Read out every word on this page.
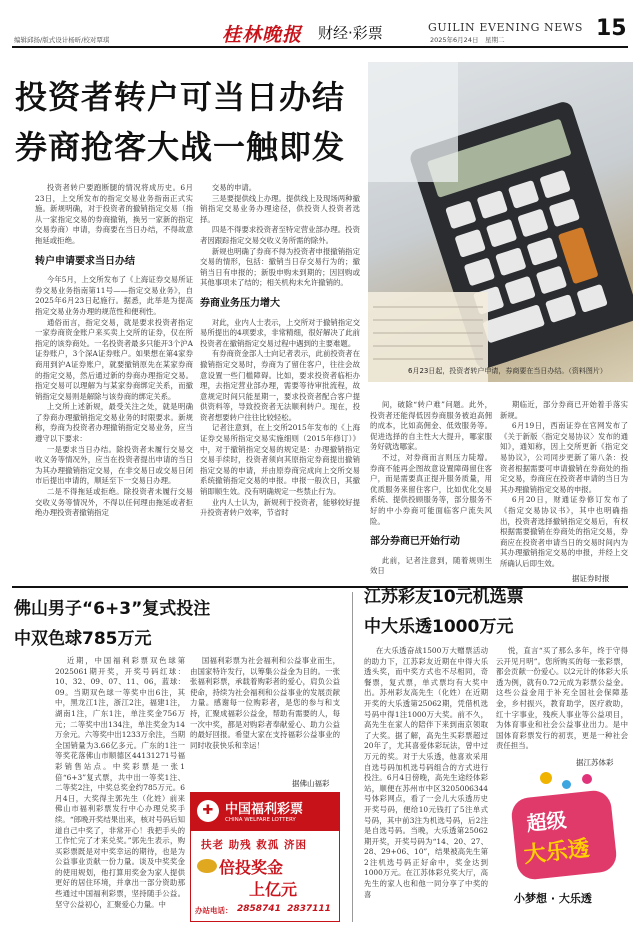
编辑邱扬/版式设计杨昕/校对覃琪	桂林晚报 财经·彩票	GUILIN EVENING NEWS
2025年6月24日　星期二	15
投资者转户可当日办结
券商抢客大战一触即发

投资者转户要跑断腿的情况将成历史。6月23日，上交所发布的指定交易业务指南正式实施。新规明确，对于投资者的撤销指定交易（指从一家指定交易的券商撤销，换另一家新的指定交易券商）申请，券商要在当日办结，不得故意拖延或拒绝。

转户申请要求当日办结

今年5月，上交所发布了《上海证券交易所证券交易业务指南第11号——指定交易业务》，自2025年6月23日起施行。据悉，此举是为提高指定交易业务办理的规范性和便利性。

通俗而言，指定交易，就是要求投资者指定一家券商资金账户来买卖上交所的证券，仅在所指定的该券商处。一名投资者最多只能开3个沪A证券账户，3个深A证券账户。如果想在第4家券商用到沪A证券账户，就要撤销原先在某家券商的指定交易，然后通过新的券商办理指定交易。指定交易可以理解为与某家券商绑定关系，而撤销指定交易则是解除与该券商的绑定关系。

上交所上述新规，最受关注之处，就是明确了券商办理撤销指定交易业务的时限要求。新规称，券商为投资者办理撤销指定交易业务，应当遵守以下要求：

一是要求当日办结。除投资者未履行交易交收义务等情况外，应当在投资者提出申请的当日为其办理撤销指定交易，在非交易日或交易日闭市后提出申请的，顺延至下一交易日办理。

二是不得拖延或拒绝。除投资者未履行交易交收义务等情况外，不得以任何理由拖延或者拒绝办理投资者撤销指定

交易的申请。

三是要提供线上办理。提供线上及现场两种撤销指定交易业务办理途径，供投资人投资者选择。

四是不得要求投资者至特定营业部办理。投资者因跟踪指定交易交收义务所需的除外。

新规也明确了券商不得为投资者申报撤销指定交易的情形，包括：撤销当日存交易行为的；撤销当日有申报的；新股申购未到期的；因回购或其他事项未了结的；相关机构未允许撤销的。

券商业务压力增大

对此，业内人士表示，上交所对于撤销指定交易所提出的4项要求，非常精细，很好解决了此前投资者在撤销指定交易过程中遇到的主要难题。

有券商资金部人士向记者表示，此前投资者在撤销指定交易时，券商为了留住客户，往往会故意设置一些门槛障碍。比如，要求投资者临柜办理，去指定营业部办理，需要等待审批流程，故意规定时间只能星期一，要求投资者配合客户提供资料等，导致投资者无法顺利转户。现在，投资者想要转户往往比较轻松。

记者注意到，在上交所2015年发布的《上海证券交易所指定交易实施细则（2015年修订）》中，对于撤销指定交易的规定是：办理撤销指定交易手续时，投资者须向其原指定券商提出撤销指定交易的申请，并由原券商完成向上交所交易系统撤销指定交易的申报。申报一般次日，其撤销即顺生效。没有明确规定一些禁止行为。

业内人士认为，新规利于投资者，能够较好提升投资者转户效率，节省时

6月23日起，投资者转户申请，券商要在当日办结。（资料图片）

间，破除“转户难”问题。此外，投资者还能得低因券商服务被迫高佣的成本，比如高佣金、低效服务等。促进选择的自主性大大提升，哪家服务好就选哪家。

不过，对券商而言则压力陡增。券商不能再企图故意设置障碍留住客户，而是需要真正提升服务质量，用优质服务来留住客户，比如优化交易系统、提供投顾服务等，部分服务不好的中小券商可能面临客户流失风险。

部分券商已开始行动

此前，记者注意到，随着规则生效日

期临近，部分券商已开始着手落实新规。

6月19日，西南证券在官网发布了《关于新版〈指定交易协议〉发布的通知》，通知称，因上交所更新《指定交易协议》，公司同步更新了第八条：投资者根据需要可申请撤销在券商处的指定交易，券商应在投资者申请的当日为其办理撤销指定交易的申报。

6月20日，财通证券修订发布了《指定交易协议书》，其中也明确指出，投资者选择撤销指定交易后，有权根据需要撤销在券商处的指定交易，券商应在投资者申请当日的交易时间内为其办理撤销指定交易的申报，并经上交所确认后即生效。

据证券时报
佛山男子“6+3”复式投注
中双色球785万元

近期，中国福利彩票双色球第2025061期开奖，开奖号码红球：10、32、09、07、11、06，蓝球：09。当期双色球一等奖中出6注，其中，黑龙江1注，浙江2注，福建1注，湖南1注，广东1注，单注奖金756万元；二等奖中出134注，单注奖金为14万余元。六等奖中出1233万余注，当期全国销量为3.66亿多元。广东的1注一等奖花落佛山市顺德区44131271号福彩销售站点。中奖彩票是一张1倍“6+3”复式票，共中出一等奖1注、二等奖2注，中奖总奖金约785万元。6月4日，大奖得主郭先生（化姓）前来佛山市福利彩票发行中心办理兑奖手续。“郎晚开奖结果出来，核对号码后知道自己中奖了，非常开心！我把手头的工作忙完了才来兑奖。”郭先生表示，购买彩票既是对中奖幸运的期待，也是为公益事业贡献一份力量。谈及中奖奖金的使用规划，他打算用奖金为家人提供更好的居住环境，并拿出一部分资助那些通过中国福利彩票，坚持随手公益。坚守公益初心，汇聚爱心力量。中

国福利彩票为社会福利和公益事业而生，由国家特许发行，以筹集公益金为目的。一张张福利彩票，承载着购彩者的爱心，肩负公益使命，持续为社会福利和公益事业的发展贡献力量。感谢每一位购彩者，是您的参与和支持，汇聚成福彩公益金，帮助有需要的人，每一次中奖，都是对购彩者奉献爱心、助力公益的最好回报。希望大家在支持福彩公益事业的同时收获快乐和幸运！

据佛山福彩
✚ 中国福利彩票
CHINA WELFARE LOTTERY
扶老 助残 救孤 济困
倍投奖金
上亿元
办站电话： 2858741  2837111
江苏彩友10元机选票
中大乐透1000万元

在大乐透奋战1500万大赠票活动的助力下，江苏彩友近期在中得大乐透头奖，而中奖方式也不尽相同，奇餐票，复式票，单式票均有大奖中出。苏州彩友高先生（化姓）在近期开奖的大乐透第25062期，凭借机选号码中得1注1000万大奖。前不久，高先生在家人的陪伴下来到南京领取了大奖。据了解，高先生买彩票超过20年了，尤其喜爱体彩玩法，曾中过万元的奖。对于大乐透，他喜欢采用自选号码加机选号码组合的方式进行投注。6月4日傍晚，高先生途经体彩站，顺便在苏州市中区3205006344号体彩网点，看了一会儿大乐透历史开奖号码，便给10元钱打了5注单式号码，其中前3注为机选号码，后2注是自选号码。当晚，大乐透第25062期开奖，开奖号码为“14、20、27、28、29+06、10”，结果被高先生第2注机选号码正好命中，奖金达到1000万元。在江苏体彩兑奖大厅，高先生的家人也和他一同分享了中奖的喜

悦，直言“买了那么多年，终于守得云开见月明”。您所购买的每一张彩票，都会贡献一份爱心。以2元计的体彩大乐透为例，就有0.72元成为彩票公益金。这些公益金用于补充全国社会保障基金，乡村振兴，教育助学，医疗救助，红十字事业，残疾人事业等公益项目，为体育事业和社会公益事业出力。是中国体育彩票发行的初衷，更是一种社会责任担当。

据江苏体彩
超级
大乐透
小梦想 · 大乐透
